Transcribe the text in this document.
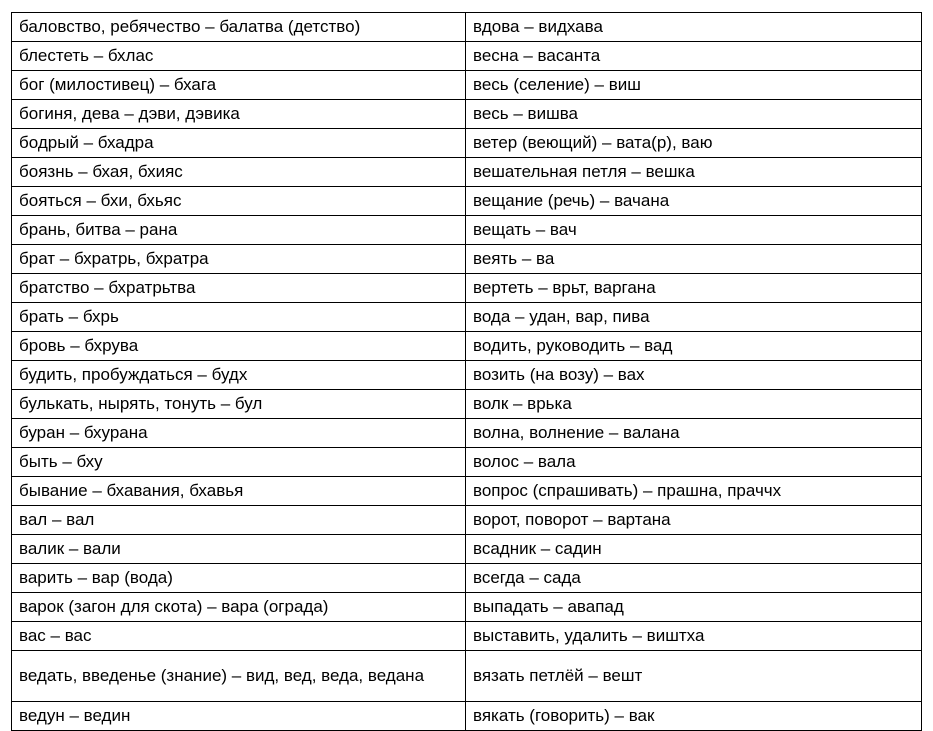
баловство, ребячество – балатва (детство)	вдова – видхава
блестеть – бхлас	весна – васанта
бог (милостивец) – бхага	весь (селение) – виш
богиня, дева – дэви, дэвика	весь – вишва
бодрый – бхадра	ветер (веющий) – вата(р), ваю
боязнь – бхая, бхияс	вешательная петля – вешка
бояться – бхи, бхьяс	вещание (речь) – вачана
брань, битва – рана	вещать – вач
брат – бхратрь, бхратра	веять – ва
братство – бхратрьтва	вертеть – врьт, варгана
брать – бхрь	вода – удан, вар, пива
бровь – бхрува	водить, руководить – вад
будить, пробуждаться – будх	возить (на возу) – вах
булькать, нырять, тонуть – бул	волк – врька
буран – бхурана	волна, волнение – валана
быть – бху	волос – вала
бывание – бхавания, бхавья	вопрос (спрашивать) – прашна, праччх
вал – вал	ворот, поворот – вартана
валик – вали	всадник – садин
варить – вар (вода)	всегда – сада
варок (загон для скота) – вара (ограда)	выпадать – авапад
вас – вас	выставить, удалить – виштха
ведать, введенье (знание) – вид, вед, веда, ведана	вязать петлёй – вешт
ведун – ведин	вякать (говорить) – вак
